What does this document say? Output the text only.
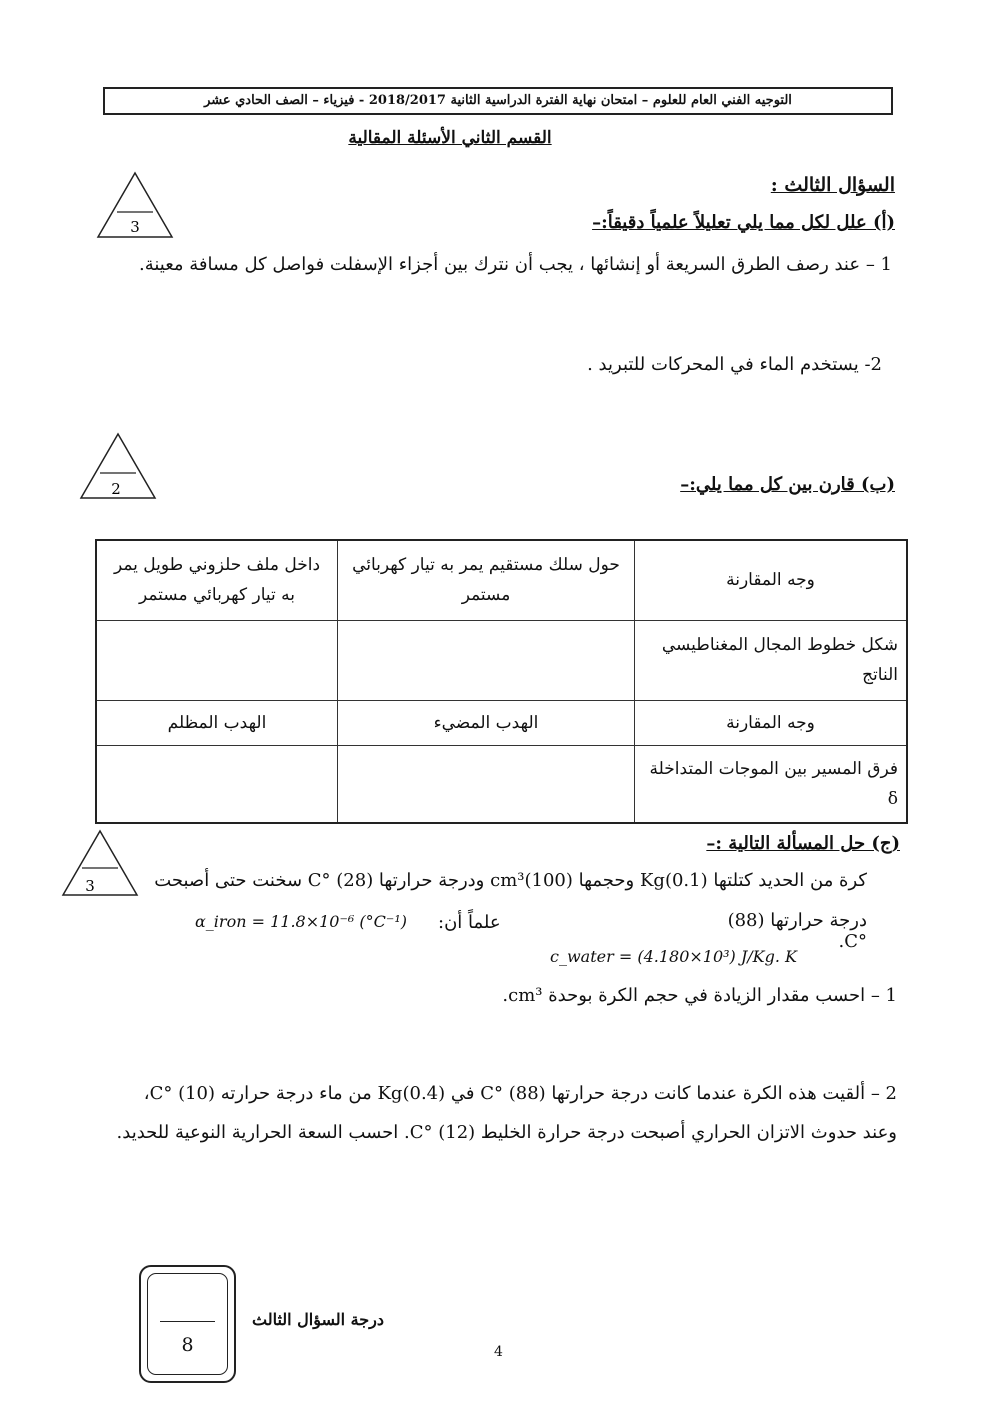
التوجيه الفني العام للعلوم – امتحان نهاية الفترة الدراسية الثانية 2018/2017 - فيزياء – الصف الحادي عشر
القسم الثاني الأسئلة المقالية
السؤال الثالث :
3	(أ) علل لكل مما يلي تعليلاً علمياً دقيقاً:–
1 – عند رصف الطرق السريعة أو إنشائها ، يجب أن نترك بين أجزاء الإسفلت فواصل كل مسافة معينة.
2- يستخدم الماء في المحركات للتبريد .
2	(ب) قارن بين كل مما يلي:–
وجه المقارنة	حول سلك مستقيم يمر به تيار كهربائي مستمر	داخل ملف حلزوني طويل يمر به تيار كهربائي مستمر
شكل خطوط المجال المغناطيسي الناتج		
وجه المقارنة	الهدب المضيء	الهدب المظلم
فرق المسير بين الموجات المتداخلة δ		
3
(ج) حل المسألة التالية :–
كرة من الحديد كتلتها (0.1)Kg وحجمها (100)cm³ ودرجة حرارتها (28) °C سخنت حتى أصبحت
درجة حرارتها (88) °C.
علماً أن:
α_iron = 11.8×10⁻⁶ (°C⁻¹)
c_water = (4.180×10³) J/Kg. K
1 – احسب مقدار الزيادة في حجم الكرة بوحدة cm³.
2 – ألقيت هذه الكرة عندما كانت درجة حرارتها (88) °C في (0.4)Kg من ماء درجة حرارته (10) °C،
وعند حدوث الاتزان الحراري أصبحت درجة حرارة الخليط (12) °C. احسب السعة الحرارية النوعية للحديد.
8
درجة السؤال الثالث
4
